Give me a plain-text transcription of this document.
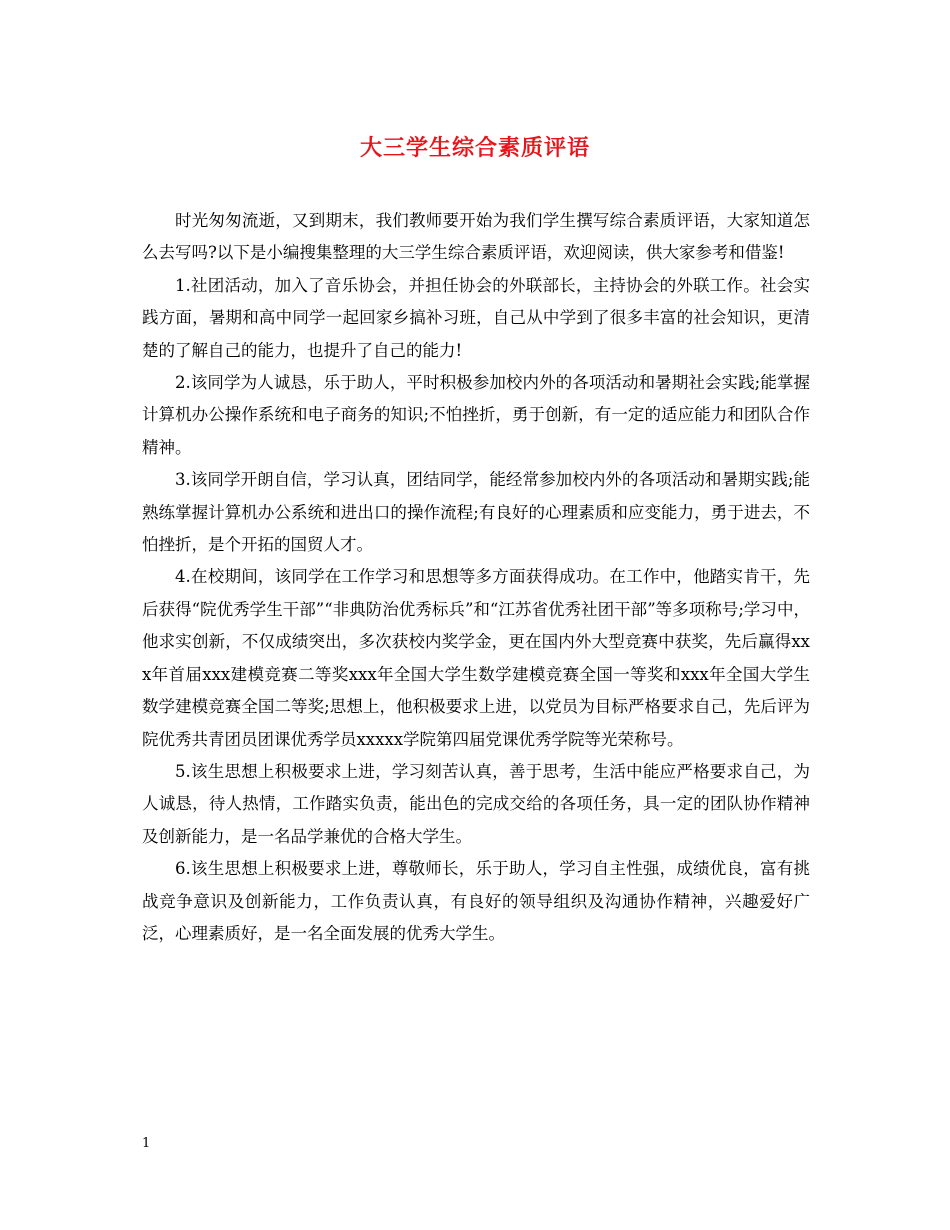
大三学生综合素质评语

时光匆匆流逝，又到期末，我们教师要开始为我们学生撰写综合素质评语，大家知道怎么去写吗?以下是小编搜集整理的大三学生综合素质评语，欢迎阅读，供大家参考和借鉴!

1.社团活动，加入了音乐协会，并担任协会的外联部长，主持协会的外联工作。社会实践方面，暑期和高中同学一起回家乡搞补习班，自己从中学到了很多丰富的社会知识，更清楚的了解自己的能力，也提升了自己的能力!

2.该同学为人诚恳，乐于助人，平时积极参加校内外的各项活动和暑期社会实践;能掌握计算机办公操作系统和电子商务的知识;不怕挫折，勇于创新，有一定的适应能力和团队合作精神。

3.该同学开朗自信，学习认真，团结同学，能经常参加校内外的各项活动和暑期实践;能熟练掌握计算机办公系统和进出口的操作流程;有良好的心理素质和应变能力，勇于进去，不怕挫折，是个开拓的国贸人才。

4.在校期间，该同学在工作学习和思想等多方面获得成功。在工作中，他踏实肯干，先后获得“院优秀学生干部”“非典防治优秀标兵”和“江苏省优秀社团干部”等多项称号;学习中，他求实创新，不仅成绩突出，多次获校内奖学金，更在国内外大型竞赛中获奖，先后赢得xxx年首届xxx建模竞赛二等奖xxx年全国大学生数学建模竞赛全国一等奖和xxx年全国大学生数学建模竞赛全国二等奖;思想上，他积极要求上进，以党员为目标严格要求自己，先后评为院优秀共青团员团课优秀学员xxxxx学院第四届党课优秀学院等光荣称号。

5.该生思想上积极要求上进，学习刻苦认真，善于思考，生活中能应严格要求自己，为人诚恳，待人热情，工作踏实负责，能出色的完成交给的各项任务，具一定的团队协作精神及创新能力，是一名品学兼优的合格大学生。

6.该生思想上积极要求上进，尊敬师长，乐于助人，学习自主性强，成绩优良，富有挑战竞争意识及创新能力，工作负责认真，有良好的领导组织及沟通协作精神，兴趣爱好广泛，心理素质好，是一名全面发展的优秀大学生。

1
